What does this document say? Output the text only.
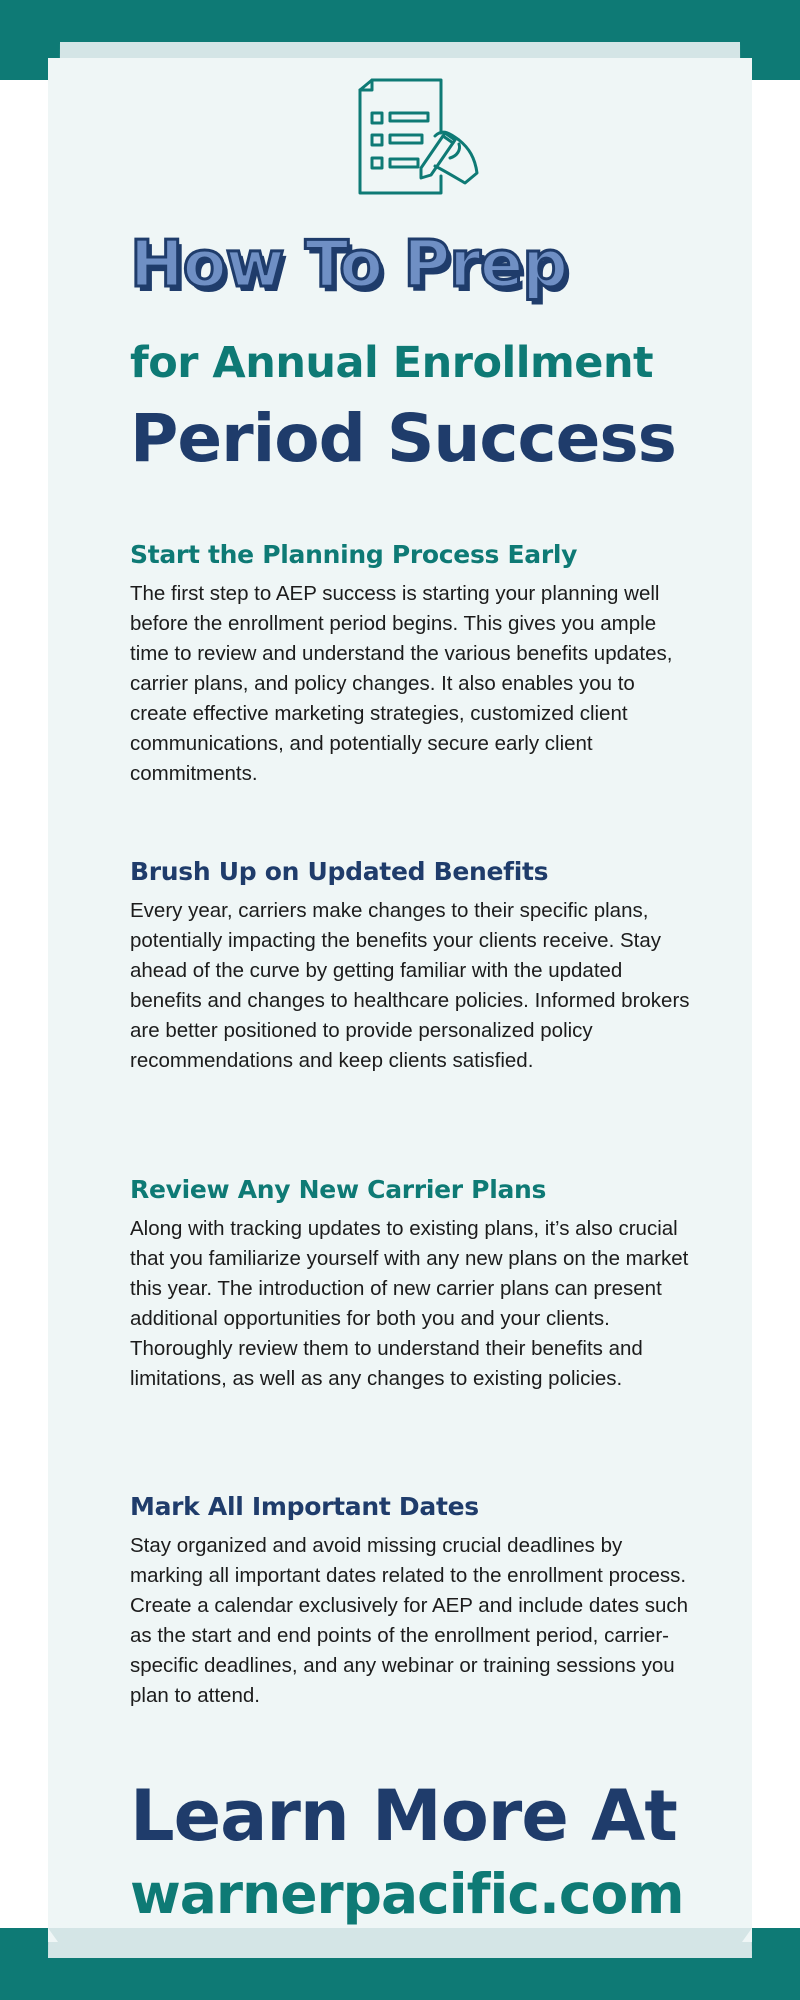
How To Prep
for Annual Enrollment
Period Success
Start the Planning Process Early

The first step to AEP success is starting your planning well before the enrollment period begins. This gives you ample time to review and understand the various benefits updates, carrier plans, and policy changes. It also enables you to create effective marketing strategies, customized client communications, and potentially secure early client commitments.

Brush Up on Updated Benefits

Every year, carriers make changes to their specific plans, potentially impacting the benefits your clients receive. Stay ahead of the curve by getting familiar with the updated benefits and changes to healthcare policies. Informed brokers are better positioned to provide personalized policy recommendations and keep clients satisfied.

Review Any New Carrier Plans

Along with tracking updates to existing plans, it’s also crucial that you familiarize yourself with any new plans on the market this year. The introduction of new carrier plans can present additional opportunities for both you and your clients. Thoroughly review them to understand their benefits and limitations, as well as any changes to existing policies.

Mark All Important Dates

Stay organized and avoid missing crucial deadlines by marking all important dates related to the enrollment process. Create a calendar exclusively for AEP and include dates such as the start and end points of the enrollment period, carrier-specific deadlines, and any webinar or training sessions you plan to attend.

Learn More At
warnerpacific.com
